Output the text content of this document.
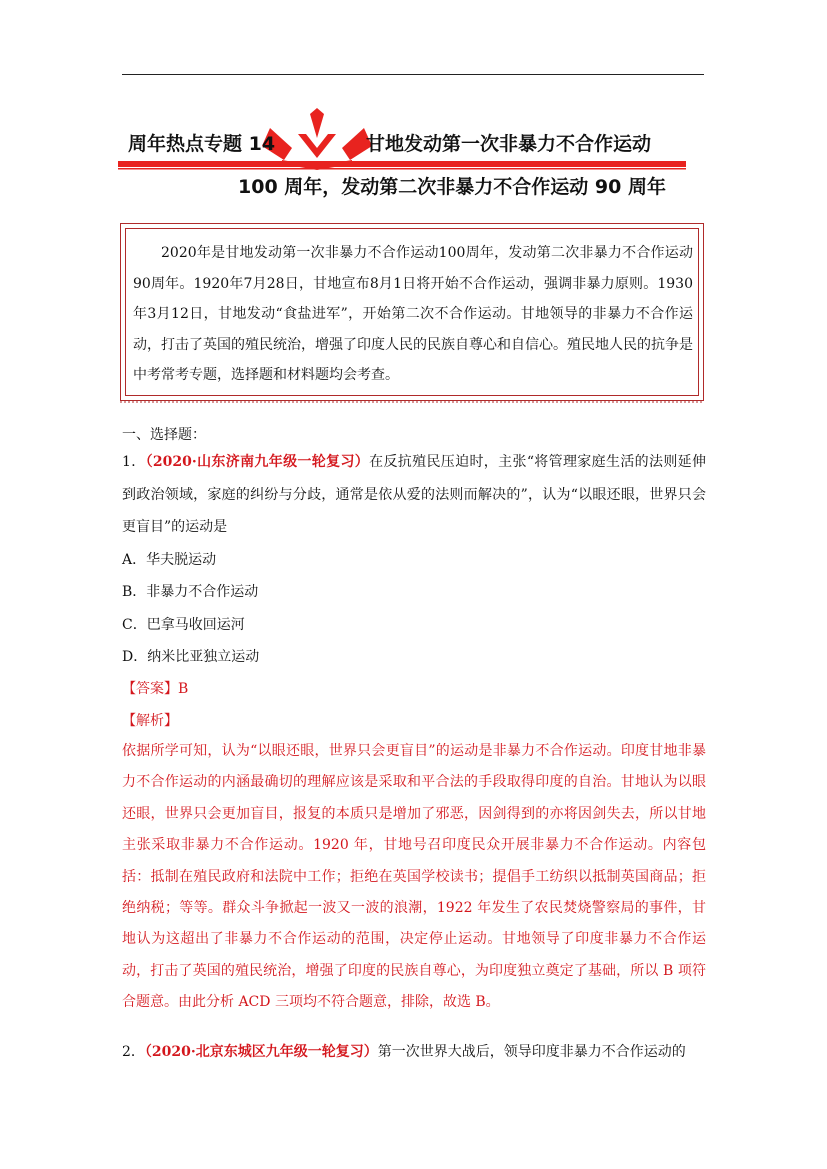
周年热点专题 14	甘地发动第一次非暴力不合作运动
100 周年，发动第二次非暴力不合作运动 90 周年
2020年是甘地发动第一次非暴力不合作运动100周年，发动第二次非暴力不合作运动90周年。1920年7月28日，甘地宣布8月1日将开始不合作运动，强调非暴力原则。1930年3月12日，甘地发动“食盐进军”，开始第二次不合作运动。甘地领导的非暴力不合作运动，打击了英国的殖民统治，增强了印度人民的民族自尊心和自信心。殖民地人民的抗争是中考常考专题，选择题和材料题均会考查。
一、选择题：
1．（2020·山东济南九年级一轮复习）在反抗殖民压迫时，主张“将管理家庭生活的法则延伸到政治领域，家庭的纠纷与分歧，通常是依从爱的法则而解决的”，认为“以眼还眼，世界只会更盲目”的运动是
A．华夫脱运动
B．非暴力不合作运动
C．巴拿马收回运河
D．纳米比亚独立运动
【答案】B
【解析】
依据所学可知，认为“以眼还眼，世界只会更盲目”的运动是非暴力不合作运动。印度甘地非暴力不合作运动的内涵最确切的理解应该是采取和平合法的手段取得印度的自治。甘地认为以眼还眼，世界只会更加盲目，报复的本质只是增加了邪恶，因剑得到的亦将因剑失去，所以甘地主张采取非暴力不合作运动。1920 年，甘地号召印度民众开展非暴力不合作运动。内容包括：抵制在殖民政府和法院中工作；拒绝在英国学校读书；提倡手工纺织以抵制英国商品；拒绝纳税；等等。群众斗争掀起一波又一波的浪潮，1922 年发生了农民焚烧警察局的事件，甘地认为这超出了非暴力不合作运动的范围，决定停止运动。甘地领导了印度非暴力不合作运动，打击了英国的殖民统治，增强了印度的民族自尊心，为印度独立奠定了基础，所以 B 项符合题意。由此分析 ACD 三项均不符合题意，排除，故选 B。
2．（2020·北京东城区九年级一轮复习）第一次世界大战后，领导印度非暴力不合作运动的
